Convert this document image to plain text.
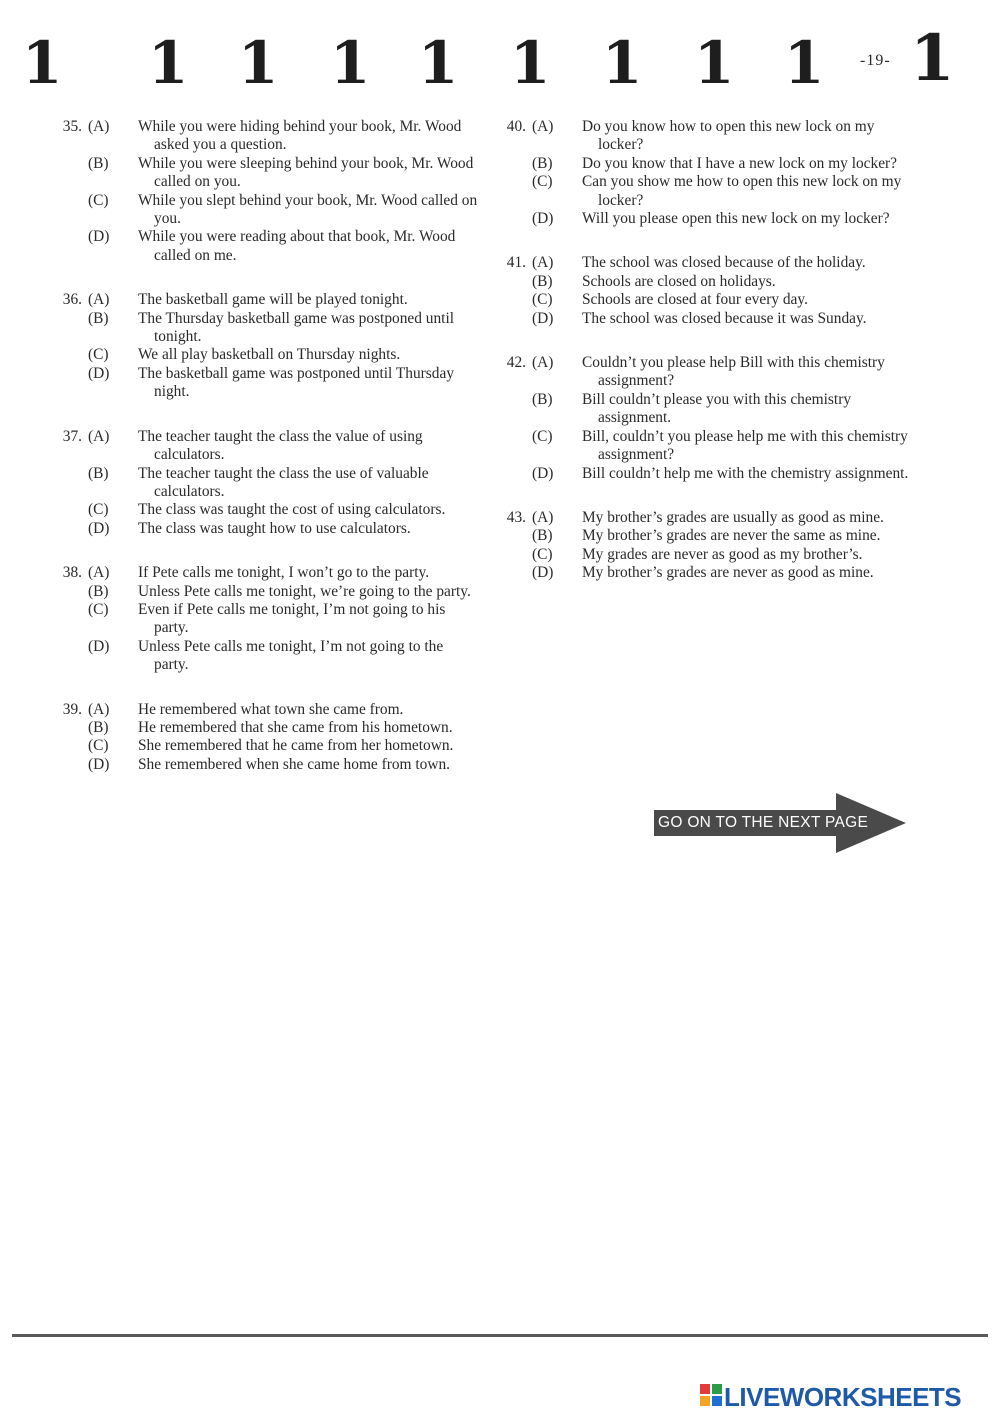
1 1 1 1 1 1 1 1 1 -19- 1
35. (A)	While you were hiding behind your book, Mr. Wood asked you a question.
(B)	While you were sleeping behind your book, Mr. Wood called on you.
(C)	While you slept behind your book, Mr. Wood called on you.
(D)	While you were reading about that book, Mr. Wood called on me.
36. (A)	The basketball game will be played tonight.
(B)	The Thursday basketball game was postponed until tonight.
(C)	We all play basketball on Thursday nights.
(D)	The basketball game was postponed until Thursday night.
37. (A)	The teacher taught the class the value of using calculators.
(B)	The teacher taught the class the use of valuable calculators.
(C)	The class was taught the cost of using calculators.
(D)	The class was taught how to use calculators.
38. (A)	If Pete calls me tonight, I won’t go to the party.
(B)	Unless Pete calls me tonight, we’re going to the party.
(C)	Even if Pete calls me tonight, I’m not going to his party.
(D)	Unless Pete calls me tonight, I’m not going to the party.
39. (A)	He remembered what town she came from.
(B)	He remembered that she came from his hometown.
(C)	She remembered that he came from her hometown.
(D)	She remembered when she came home from town.
40. (A)	Do you know how to open this new lock on my locker?
(B)	Do you know that I have a new lock on my locker?
(C)	Can you show me how to open this new lock on my locker?
(D)	Will you please open this new lock on my locker?
41. (A)	The school was closed because of the holiday.
(B)	Schools are closed on holidays.
(C)	Schools are closed at four every day.
(D)	The school was closed because it was Sunday.
42. (A)	Couldn’t you please help Bill with this chemistry assignment?
(B)	Bill couldn’t please you with this chemistry assignment.
(C)	Bill, couldn’t you please help me with this chemistry assignment?
(D)	Bill couldn’t help me with the chemistry assignment.
43. (A)	My brother’s grades are usually as good as mine.
(B)	My brother’s grades are never the same as mine.
(C)	My grades are never as good as my brother’s.
(D)	My brother’s grades are never as good as mine.
GO ON TO THE NEXT PAGE
LIVEWORKSHEETS
